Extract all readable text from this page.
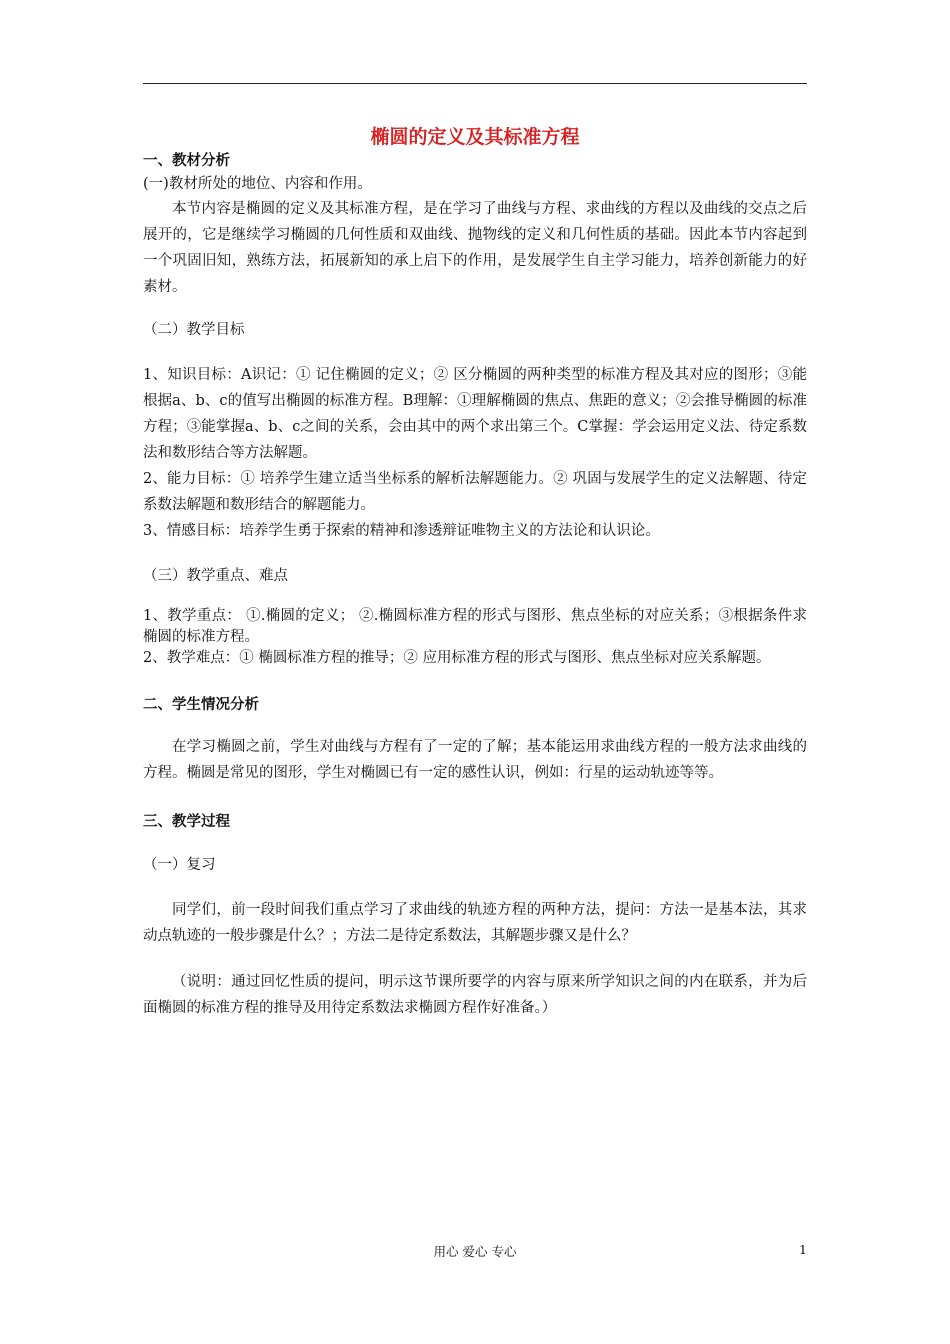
椭圆的定义及其标准方程
一、教材分析

(一)教材所处的地位、内容和作用。

本节内容是椭圆的定义及其标准方程，是在学习了曲线与方程、求曲线的方程以及曲线的交点之后展开的，它是继续学习椭圆的几何性质和双曲线、抛物线的定义和几何性质的基础。因此本节内容起到一个巩固旧知，熟练方法，拓展新知的承上启下的作用，是发展学生自主学习能力，培养创新能力的好素材。

（二）教学目标

1、知识目标：A识记：① 记住椭圆的定义；② 区分椭圆的两种类型的标准方程及其对应的图形；③能根据a、b、c的值写出椭圆的标准方程。B理解：①理解椭圆的焦点、焦距的意义；②会推导椭圆的标准方程；③能掌握a、b、c之间的关系，会由其中的两个求出第三个。C掌握：学会运用定义法、待定系数法和数形结合等方法解题。

2、能力目标：① 培养学生建立适当坐标系的解析法解题能力。② 巩固与发展学生的定义法解题、待定系数法解题和数形结合的解题能力。

3、情感目标：培养学生勇于探索的精神和渗透辩证唯物主义的方法论和认识论。

（三）教学重点、难点

1、教学重点： ①.椭圆的定义； ②.椭圆标准方程的形式与图形、焦点坐标的对应关系；③根据条件求椭圆的标准方程。

2、教学难点：① 椭圆标准方程的推导；② 应用标准方程的形式与图形、焦点坐标对应关系解题。

二、学生情况分析

在学习椭圆之前，学生对曲线与方程有了一定的了解；基本能运用求曲线方程的一般方法求曲线的方程。椭圆是常见的图形，学生对椭圆已有一定的感性认识，例如：行星的运动轨迹等等。

三、教学过程

（一）复习

同学们，前一段时间我们重点学习了求曲线的轨迹方程的两种方法，提问：方法一是基本法，其求动点轨迹的一般步骤是什么？；方法二是待定系数法，其解题步骤又是什么？

（说明：通过回忆性质的提问，明示这节课所要学的内容与原来所学知识之间的内在联系，并为后面椭圆的标准方程的推导及用待定系数法求椭圆方程作好准备。）

用心 爱心 专心	1
